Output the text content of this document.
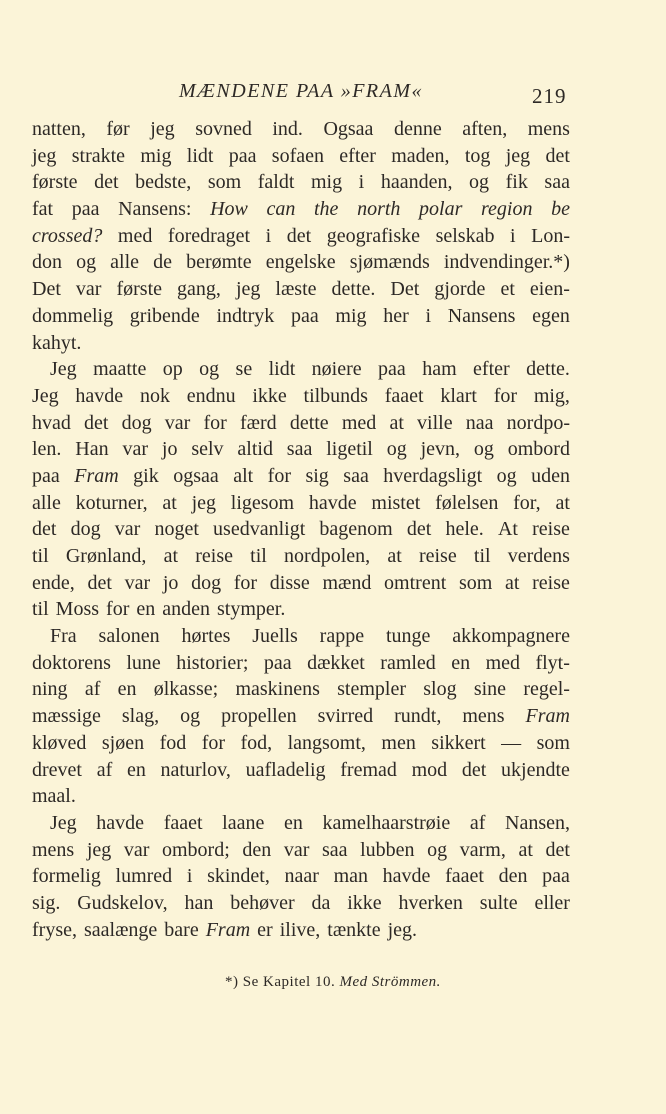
MÆNDENE PAA »FRAM«	219
natten, før jeg sovned ind. Ogsaa denne aften, mens
jeg strakte mig lidt paa sofaen efter maden, tog jeg det
første det bedste, som faldt mig i haanden, og fik saa
fat paa Nansens: How can the north polar region be
crossed? med foredraget i det geografiske selskab i Lon-
don og alle de berømte engelske sjømænds indvendinger.*)
Det var første gang, jeg læste dette. Det gjorde et eien-
dommelig gribende indtryk paa mig her i Nansens egen
kahyt.
Jeg maatte op og se lidt nøiere paa ham efter dette.
Jeg havde nok endnu ikke tilbunds faaet klart for mig,
hvad det dog var for færd dette med at ville naa nordpo-
len. Han var jo selv altid saa ligetil og jevn, og ombord
paa Fram gik ogsaa alt for sig saa hverdagsligt og uden
alle koturner, at jeg ligesom havde mistet følelsen for, at
det dog var noget usedvanligt bagenom det hele. At reise
til Grønland, at reise til nordpolen, at reise til verdens
ende, det var jo dog for disse mænd omtrent som at reise
til Moss for en anden stymper.
Fra salonen hørtes Juells rappe tunge akkompagnere
doktorens lune historier; paa dækket ramled en med flyt-
ning af en ølkasse; maskinens stempler slog sine regel-
mæssige slag, og propellen svirred rundt, mens Fram
kløved sjøen fod for fod, langsomt, men sikkert — som
drevet af en naturlov, uafladelig fremad mod det ukjendte
maal.
Jeg havde faaet laane en kamelhaarstrøie af Nansen,
mens jeg var ombord; den var saa lubben og varm, at det
formelig lumred i skindet, naar man havde faaet den paa
sig. Gudskelov, han behøver da ikke hverken sulte eller
fryse, saalænge bare Fram er ilive, tænkte jeg.
*) Se Kapitel 10. Med Strömmen.
